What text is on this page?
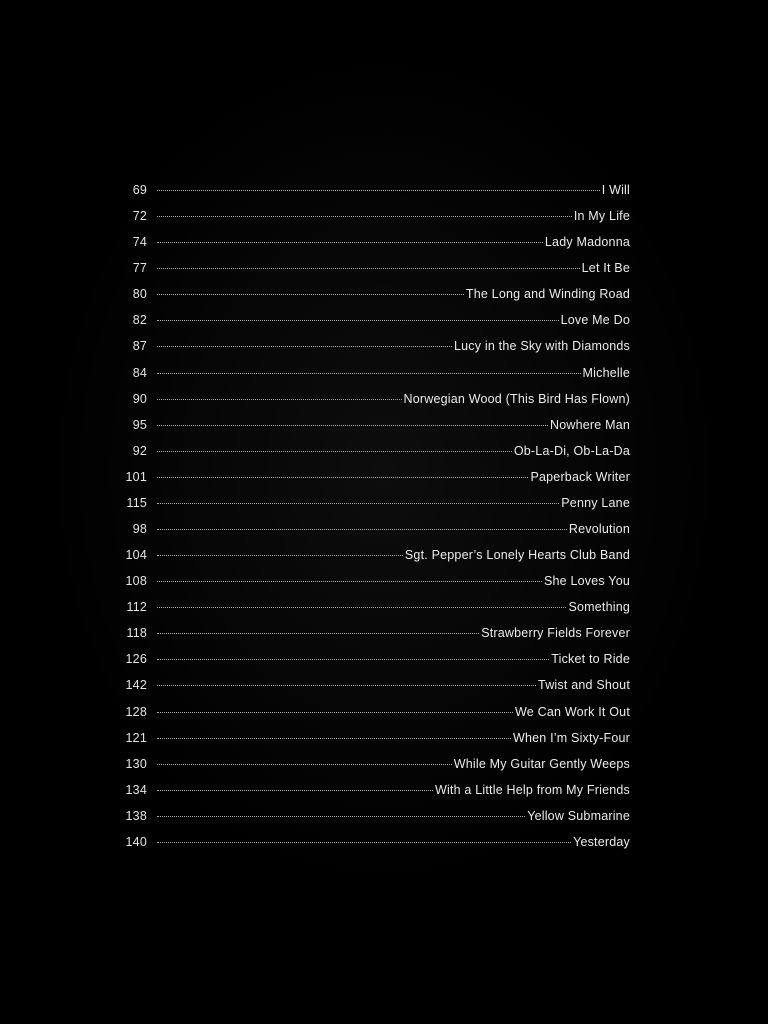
69	I Will
72	In My Life
74	Lady Madonna
77	Let It Be
80	The Long and Winding Road
82	Love Me Do
87	Lucy in the Sky with Diamonds
84	Michelle
90	Norwegian Wood (This Bird Has Flown)
95	Nowhere Man
92	Ob-La-Di, Ob-La-Da
101	Paperback Writer
115	Penny Lane
98	Revolution
104	Sgt. Pepper’s Lonely Hearts Club Band
108	She Loves You
112	Something
118	Strawberry Fields Forever
126	Ticket to Ride
142	Twist and Shout
128	We Can Work It Out
121	When I’m Sixty-Four
130	While My Guitar Gently Weeps
134	With a Little Help from My Friends
138	Yellow Submarine
140	Yesterday
